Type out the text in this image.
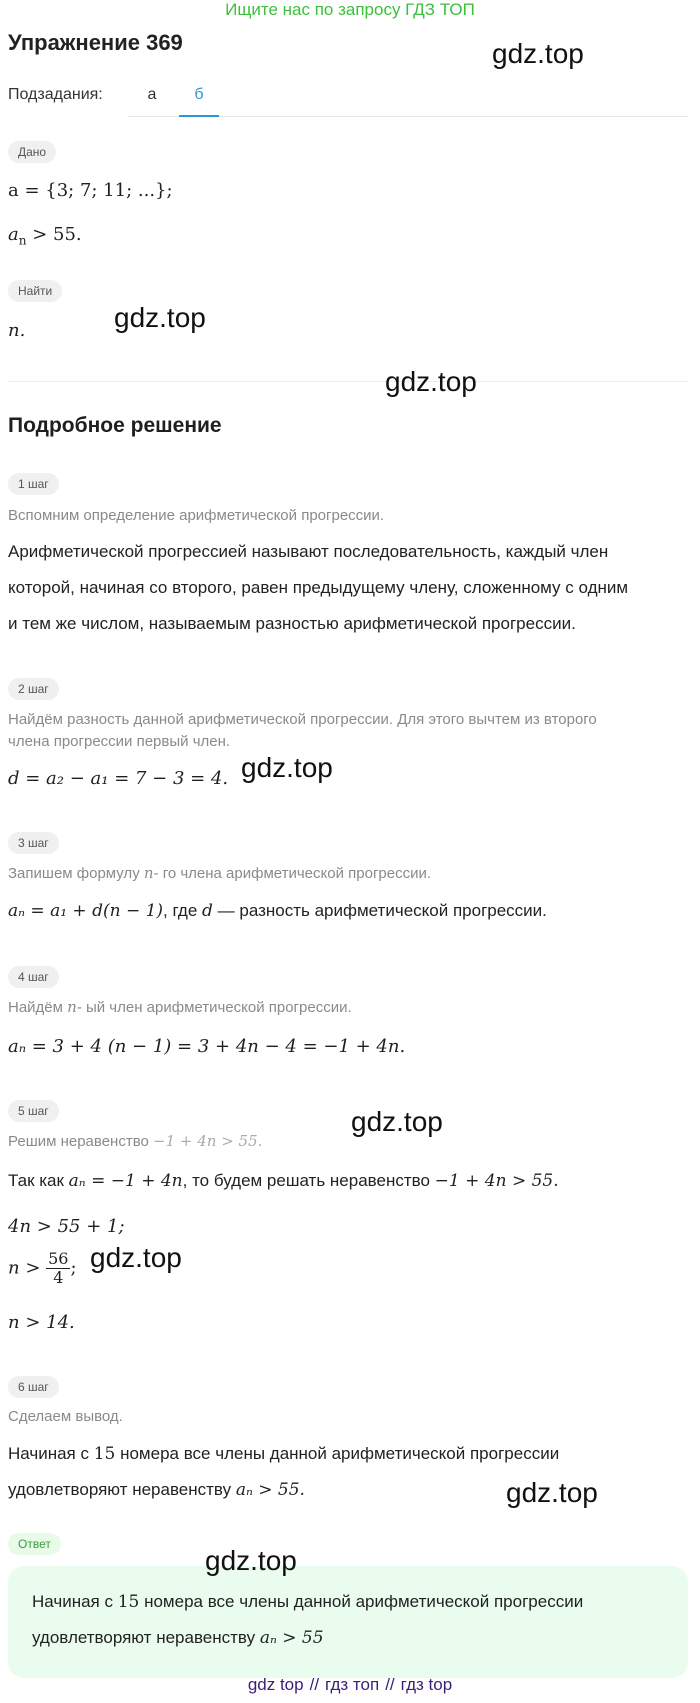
Ищите нас по запросу ГДЗ ТОП
Упражнение 369	gdz.top
Подзадания:	а	б
Дано
a = {3; 7; 11; ...};
$a_n > 55$.
Найти
n.	gdz.top
gdz.top
Подробное решение
1 шаг
Вспомним определение арифметической прогрессии.
Арифметической прогрессией называют последовательность, каждый член
которой, начиная со второго, равен предыдущему члену, сложенному с одним
и тем же числом, называемым разностью арифметической прогрессии.
2 шаг
Найдём разность данной арифметической прогрессии. Для этого вычтем из второго
члена прогрессии первый член.
d = a₂ − a₁ = 7 − 3 = 4. gdz.top
3 шаг
Запишем формулу n- го члена арифметической прогрессии.
aₙ = a₁ + d(n − 1), где d — разность арифметической прогрессии.
4 шаг
Найдём n- ый член арифметической прогрессии.
aₙ = 3 + 4 (n − 1) = 3 + 4n − 4 = −1 + 4n.
5 шаг
Решим неравенство −1 + 4n > 55.
gdz.top
Так как aₙ = −1 + 4n, то будем решать неравенство −1 + 4n > 55.
4n > 55 + 1;
$n > \frac{56}{4}$ ; gdz.top
n > 14.
6 шаг
Сделаем вывод.
Начиная с 15 номера все члены данной арифметической прогрессии
удовлетворяют неравенству aₙ > 55.	gdz.top
Ответ
gdz.top
Начиная с 15 номера все члены данной арифметической прогрессии
удовлетворяют неравенству aₙ > 55
gdz top // гдз топ // гдз top
